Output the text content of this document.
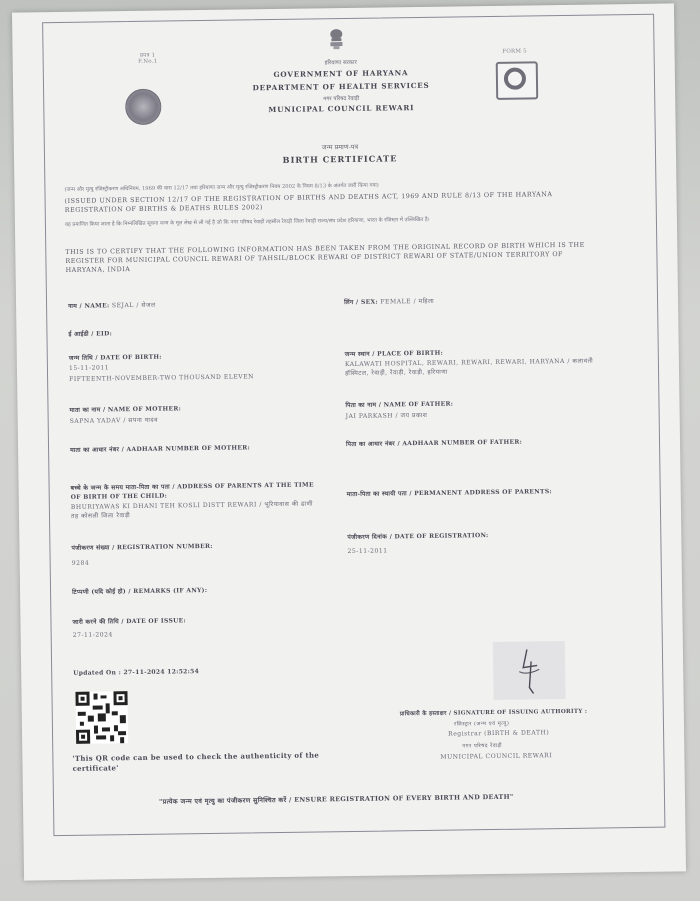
प्रपत्र 1
F.No.1	हरियाणा सरकार
GOVERNMENT OF HARYANA
DEPARTMENT OF HEALTH SERVICES
नगर परिषद रेवाड़ी
MUNICIPAL COUNCIL REWARI
FORM 5
जन्म प्रमाण-पत्र
BIRTH CERTIFICATE
(जन्म और मृत्यु रजिस्ट्रीकरण अधिनियम, 1969 की धारा 12/17 तथा हरियाणा जन्म और मृत्यु रजिस्ट्रीकरण नियम 2002 के नियम 8/13 के अंतर्गत जारी किया गया)
(ISSUED UNDER SECTION 12/17 OF THE REGISTRATION OF BIRTHS AND DEATHS ACT, 1969 AND RULE 8/13 OF THE HARYANA REGISTRATION OF BIRTHS & DEATHS RULES 2002)
यह प्रमाणित किया जाता है कि निम्नलिखित सूचना जन्म के मूल लेख से ली गई है जो कि नगर परिषद रेवाड़ी तहसील रेवाड़ी जिला रेवाड़ी राज्य/संघ प्रदेश हरियाणा, भारत के रजिस्टर में उल्लिखित है।
THIS IS TO CERTIFY THAT THE FOLLOWING INFORMATION HAS BEEN TAKEN FROM THE ORIGINAL RECORD OF BIRTH WHICH IS THE REGISTER FOR MUNICIPAL COUNCIL REWARI OF TAHSIL/BLOCK REWARI OF DISTRICT REWARI OF STATE/UNION TERRITORY OF HARYANA, INDIA
नाम / NAME: SEJAL / सेजल	लिंग / SEX: FEMALE / महिला
ई आईडी / EID:
जन्म तिथि / DATE OF BIRTH:
15-11-2011
FIFTEENTH-NOVEMBER-TWO THOUSAND ELEVEN
जन्म स्थान / PLACE OF BIRTH:
KALAWATI HOSPITAL, REWARI, REWARI, REWARI, HARYANA / कलावती हॉस्पिटल, रेवाड़ी, रेवाड़ी, रेवाड़ी, हरियाणा
माता का नाम / NAME OF MOTHER:
SAPNA YADAV / सपना यादव
पिता का नाम / NAME OF FATHER:
JAI PARKASH / जय प्रकाश
माता का आधार नंबर / AADHAAR NUMBER OF MOTHER:
पिता का आधार नंबर / AADHAAR NUMBER OF FATHER:
बच्चे के जन्म के समय माता-पिता का पता / ADDRESS OF PARENTS AT THE TIME OF BIRTH OF THE CHILD:
BHURIYAWAS KI DHANI TEH KOSLI DISTT REWARI / भूरियावास की ढाणी तह कोसली जिला रेवाड़ी
माता-पिता का स्थायी पता / PERMANENT ADDRESS OF PARENTS:
पंजीकरण संख्या / REGISTRATION NUMBER:
9284
पंजीकरण दिनांक / DATE OF REGISTRATION:
25-11-2011
टिप्पणी (यदि कोई हो) / REMARKS (IF ANY):
जारी करने की तिथि / DATE OF ISSUE:
27-11-2024
Updated On : 27-11-2024 12:52:54
'This QR code can be used to check the authenticity of the certificate'
प्राधिकारी के हस्ताक्षर / SIGNATURE OF ISSUING AUTHORITY :
रजिस्ट्रार (जन्म एवं मृत्यु)
Registrar (BIRTH & DEATH)
नगर परिषद रेवाड़ी
MUNICIPAL COUNCIL REWARI
"प्रत्येक जन्म एवं मृत्यु का पंजीकरण सुनिश्चित करें / ENSURE REGISTRATION OF EVERY BIRTH AND DEATH"
